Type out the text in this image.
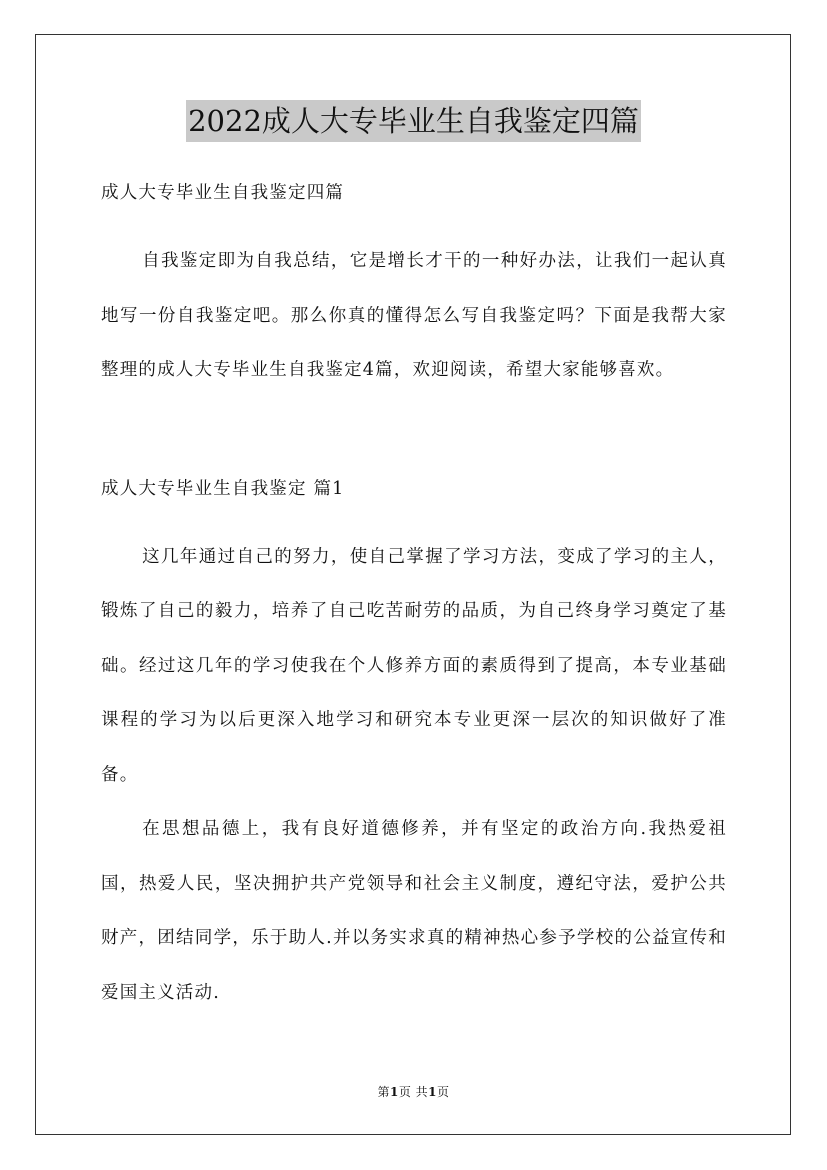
2022成人大专毕业生自我鉴定四篇

成人大专毕业生自我鉴定四篇

自我鉴定即为自我总结，它是增长才干的一种好办法，让我们一起认真地写一份自我鉴定吧。那么你真的懂得怎么写自我鉴定吗？下面是我帮大家整理的成人大专毕业生自我鉴定4篇，欢迎阅读，希望大家能够喜欢。

成人大专毕业生自我鉴定 篇1

这几年通过自己的努力，使自己掌握了学习方法，变成了学习的主人，锻炼了自己的毅力，培养了自己吃苦耐劳的品质，为自己终身学习奠定了基础。经过这几年的学习使我在个人修养方面的素质得到了提高，本专业基础课程的学习为以后更深入地学习和研究本专业更深一层次的知识做好了准备。

在思想品德上，我有良好道德修养，并有坚定的政治方向.我热爱祖国，热爱人民，坚决拥护共产党领导和社会主义制度，遵纪守法，爱护公共财产，团结同学，乐于助人.并以务实求真的精神热心参予学校的公益宣传和爱国主义活动.

第1页 共1页
